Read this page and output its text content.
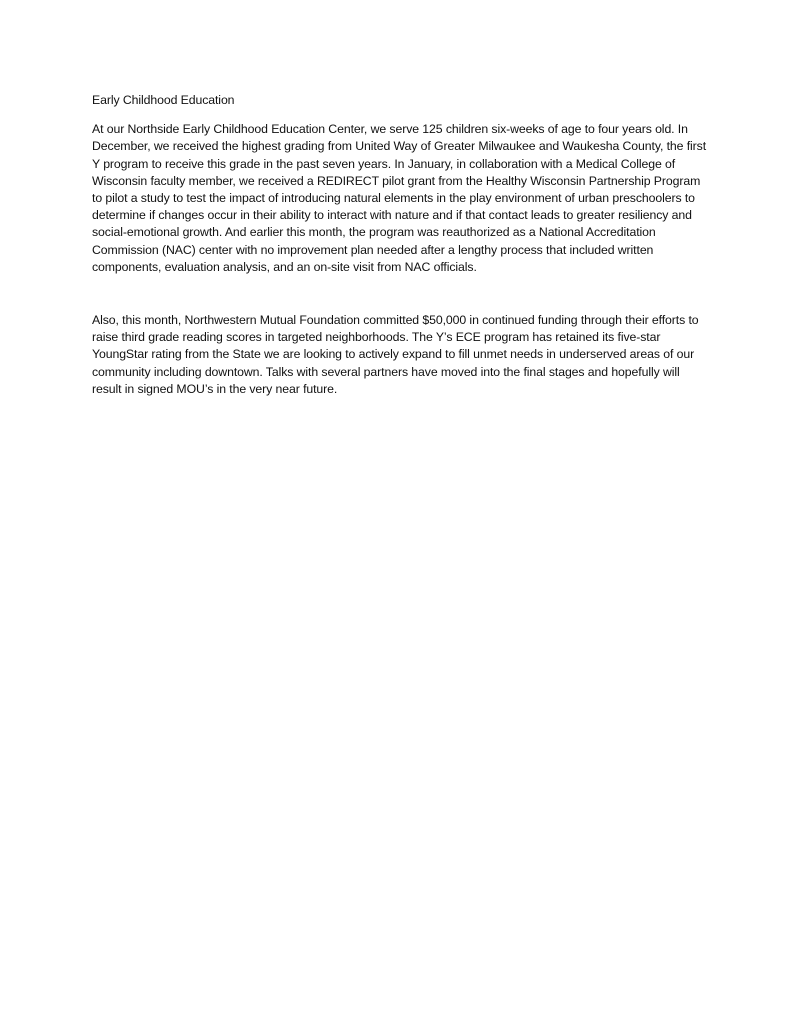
Early Childhood Education

At our Northside Early Childhood Education Center, we serve 125 children six-weeks of age to four years old. In December, we received the highest grading from United Way of Greater Milwaukee and Waukesha County, the first Y program to receive this grade in the past seven years. In January, in collaboration with a Medical College of Wisconsin faculty member, we received a REDIRECT pilot grant from the Healthy Wisconsin Partnership Program to pilot a study to test the impact of introducing natural elements in the play environment of urban preschoolers to determine if changes occur in their ability to interact with nature and if that contact leads to greater resiliency and social-emotional growth. And earlier this month, the program was reauthorized as a National Accreditation Commission (NAC) center with no improvement plan needed after a lengthy process that included written components, evaluation analysis, and an on-site visit from NAC officials.

Also, this month, Northwestern Mutual Foundation committed $50,000 in continued funding through their efforts to raise third grade reading scores in targeted neighborhoods. The Y’s ECE program has retained its five-star YoungStar rating from the State we are looking to actively expand to fill unmet needs in underserved areas of our community including downtown. Talks with several partners have moved into the final stages and hopefully will result in signed MOU’s in the very near future.
